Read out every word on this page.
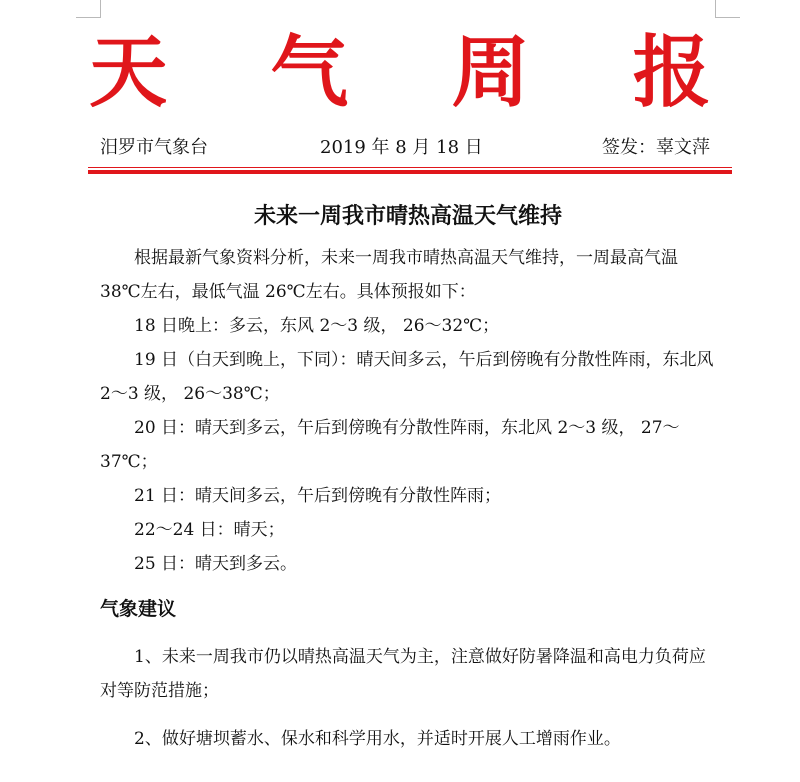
天 气 周 报
汨罗市气象台	2019 年 8 月 18 日	签发：辜文萍
未来一周我市晴热高温天气维持

根据最新气象资料分析，未来一周我市晴热高温天气维持，一周最高气温 38℃左右，最低气温 26℃左右。具体预报如下：

18 日晚上：多云，东风 2～3 级， 26～32℃；

19 日（白天到晚上，下同）：晴天间多云，午后到傍晚有分散性阵雨，东北风 2～3 级， 26～38℃；

20 日：晴天到多云，午后到傍晚有分散性阵雨，东北风 2～3 级， 27～37℃；

21 日：晴天间多云，午后到傍晚有分散性阵雨；

22～24 日：晴天；

25 日：晴天到多云。

气象建议

1、未来一周我市仍以晴热高温天气为主，注意做好防暑降温和高电力负荷应对等防范措施；

2、做好塘坝蓄水、保水和科学用水，并适时开展人工增雨作业。
